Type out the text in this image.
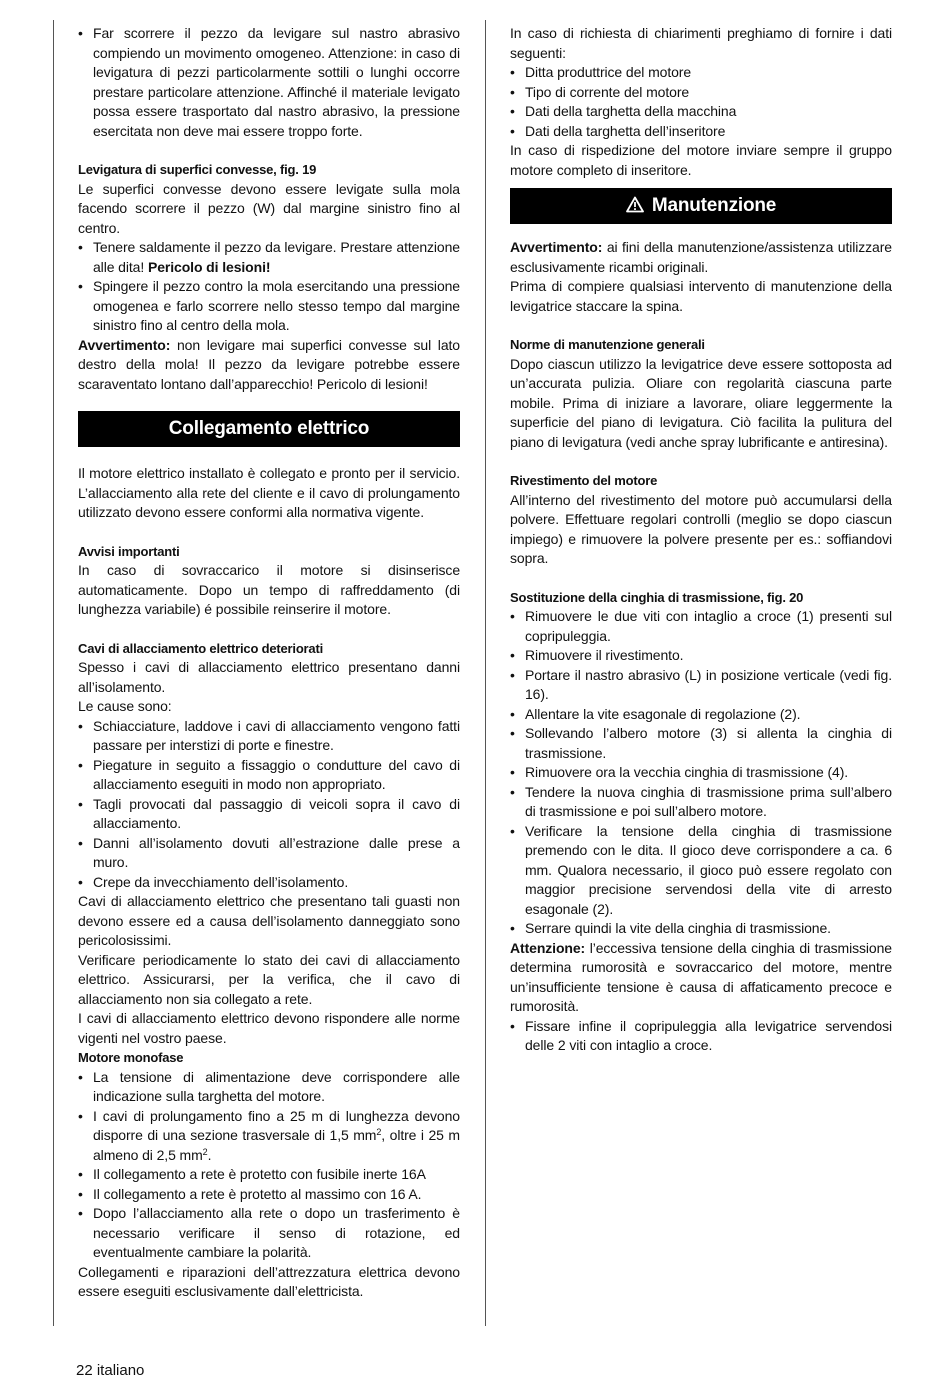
• Far scorrere il pezzo da levigare sul nastro abrasivo compiendo un movimento omogeneo. Attenzione: in caso di levigatura di pezzi particolarmente sottili o lunghi occorre prestare particolare attenzione. Affinché il materiale levigato possa essere trasportato dal nastro abrasivo, la pressione esercitata non deve mai essere troppo forte.

Levigatura di superfici convesse, fig. 19

Le superfici convesse devono essere levigate sulla mola facendo scorrere il pezzo (W) dal margine sinistro fino al centro.

• Tenere saldamente il pezzo da levigare. Prestare attenzione alle dita! Pericolo di lesioni!
• Spingere il pezzo contro la mola esercitando una pressione omogenea e farlo scorrere nello stesso tempo dal margine sinistro fino al centro della mola.

Avvertimento: non levigare mai superfici convesse sul lato destro della mola! Il pezzo da levigare potrebbe essere scaraventato lontano dall’apparecchio! Pericolo di lesioni!

Collegamento elettrico

Il motore elettrico installato è collegato e pronto per il servicio. L’allacciamento alla rete del cliente e il cavo di prolungamento utilizzato devono essere conformi alla normativa vigente.

Avvisi importanti

In caso di sovraccarico il motore si disinserisce automaticamente. Dopo un tempo di raffreddamento (di lunghezza variabile) é possibile reinserire il motore.

Cavi di allacciamento elettrico deteriorati

Spesso i cavi di allacciamento elettrico presentano danni all’isolamento.

Le cause sono:

• Schiacciature, laddove i cavi di allacciamento vengono fatti passare per interstizi di porte e finestre.
• Piegature in seguito a fissaggio o condutture del cavo di allacciamento eseguiti in modo non appropriato.
• Tagli provocati dal passaggio di veicoli sopra il cavo di allacciamento.
• Danni all’isolamento dovuti all’estrazione dalle prese a muro.
• Crepe da invecchiamento dell’isolamento.

Cavi di allacciamento elettrico che presentano tali guasti non devono essere ed a causa dell’isolamento danneggiato sono pericolosissimi.

Verificare periodicamente lo stato dei cavi di allacciamento elettrico. Assicurarsi, per la verifica, che il cavo di allacciamento non sia collegato a rete.

I cavi di allacciamento elettrico devono rispondere alle norme vigenti nel vostro paese.

Motore monofase

• La tensione di alimentazione deve corrispondere alle indicazione sulla targhetta del motore.
• I cavi di prolungamento fino a 25 m di lunghezza devono disporre di una sezione trasversale di 1,5 $mm^2$, oltre i 25 m almeno di 2,5 $mm^2$.
• Il collegamento a rete è protetto con fusibile inerte 16A
• Il collegamento a rete è protetto al massimo con 16 A.
• Dopo l’allacciamento alla rete o dopo un trasferimento è necessario verificare il senso di rotazione, ed eventualmente cambiare la polarità.

Collegamenti e riparazioni dell’attrezzatura elettrica devono essere eseguiti esclusivamente dall’elettricista.

In caso di richiesta di chiarimenti preghiamo di fornire i dati seguenti:

• Ditta produttrice del motore
• Tipo di corrente del motore
• Dati della targhetta della macchina
• Dati della targhetta dell’inseritore

In caso di rispedizione del motore inviare sempre il gruppo motore completo di inseritore.

Manutenzione

Avvertimento: ai fini della manutenzione/assistenza utilizzare esclusivamente ricambi originali.

Prima di compiere qualsiasi intervento di manutenzione della levigatrice staccare la spina.

Norme di manutenzione generali

Dopo ciascun utilizzo la levigatrice deve essere sottoposta ad un’accurata pulizia. Oliare con regolarità ciascuna parte mobile. Prima di iniziare a lavorare, oliare leggermente la superficie del piano di levigatura. Ciò facilita la pulitura del piano di levigatura (vedi anche spray lubrificante e antiresina).

Rivestimento del motore

All’interno del rivestimento del motore può accumularsi della polvere. Effettuare regolari controlli (meglio se dopo ciascun impiego) e rimuovere la polvere presente per es.: soffiandovi sopra.

Sostituzione della cinghia di trasmissione, fig. 20

• Rimuovere le due viti con intaglio a croce (1) presenti sul copripuleggia.
• Rimuovere il rivestimento.
• Portare il nastro abrasivo (L) in posizione verticale (vedi fig. 16).
• Allentare la vite esagonale di regolazione (2).
• Sollevando l’albero motore (3) si allenta la cinghia di trasmissione.
• Rimuovere ora la vecchia cinghia di trasmissione (4).
• Tendere la nuova cinghia di trasmissione prima sull’albero di trasmissione e poi sull’albero motore.
• Verificare la tensione della cinghia di trasmissione premendo con le dita. Il gioco deve corrispondere a ca. 6 mm. Qualora necessario, il gioco può essere regolato con maggior precisione servendosi della vite di arresto esagonale (2).
• Serrare quindi la vite della cinghia di trasmissione.

Attenzione: l’eccessiva tensione della cinghia di trasmissione determina rumorosità e sovraccarico del motore, mentre un’insufficiente tensione è causa di affaticamento precoce e rumorosità.

• Fissare infine il copripuleggia alla levigatrice servendosi delle 2 viti con intaglio a croce.
22 italiano
